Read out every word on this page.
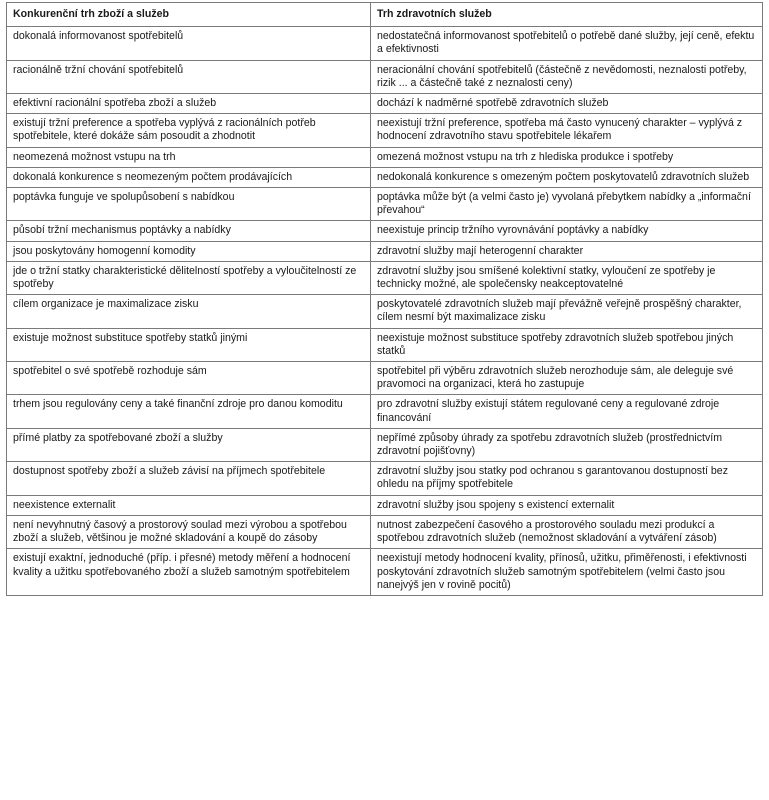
Konkurenční trh zboží a služeb	Trh zdravotních služeb
dokonalá informovanost spotřebitelů	nedostatečná informovanost spotřebitelů o potřebě dané služby, její ceně, efektu a efektivnosti
racionálně tržní chování spotřebitelů	neracionální chování spotřebitelů (částečně z nevědomosti, neznalosti potřeby, rizik ... a částečně také z neznalosti ceny)
efektivní racionální spotřeba zboží a služeb	dochází k nadměrné spotřebě zdravotních služeb
existují tržní preference a spotřeba vyplývá z racionálních potřeb spotřebitele, které dokáže sám posoudit a zhodnotit	neexistují tržní preference, spotřeba má často vynucený charakter – vyplývá z hodnocení zdravotního stavu spotřebitele lékařem
neomezená možnost vstupu na trh	omezená možnost vstupu na trh z hlediska produkce i spotřeby
dokonalá konkurence s neomezeným počtem prodávajících	nedokonalá konkurence s omezeným počtem poskytovatelů zdravotních služeb
poptávka funguje ve spolupůsobení s nabídkou	poptávka může být (a velmi často je) vyvolaná přebytkem nabídky a „informační převahou“
působí tržní mechanismus poptávky a nabídky	neexistuje princip tržního vyrovnávání poptávky a nabídky
jsou poskytovány homogenní komodity	zdravotní služby mají heterogenní charakter
jde o tržní statky charakteristické dělitelností spotřeby a vyloučitelností ze spotřeby	zdravotní služby jsou smíšené kolektivní statky, vyloučení ze spotřeby je technicky možné, ale společensky neakceptovatelné
cílem organizace je maximalizace zisku	poskytovatelé zdravotních služeb mají převážně veřejně prospěšný charakter, cílem nesmí být maximalizace zisku
existuje možnost substituce spotřeby statků jinými	neexistuje možnost substituce spotřeby zdravotních služeb spotřebou jiných statků
spotřebitel o své spotřebě rozhoduje sám	spotřebitel při výběru zdravotních služeb nerozhoduje sám, ale deleguje své pravomoci na organizaci, která ho zastupuje
trhem jsou regulovány ceny a také finanční zdroje pro danou komoditu	pro zdravotní služby existují státem regulované ceny a regulované zdroje financování
přímé platby za spotřebované zboží a služby	nepřímé způsoby úhrady za spotřebu zdravotních služeb (prostřednictvím zdravotní pojišťovny)
dostupnost spotřeby zboží a služeb závisí na příjmech spotřebitele	zdravotní služby jsou statky pod ochranou s garantovanou dostupností bez ohledu na příjmy spotřebitele
neexistence externalit	zdravotní služby jsou spojeny s existencí externalit
není nevyhnutný časový a prostorový soulad mezi výrobou a spotřebou zboží a služeb, většinou je možné skladování a koupě do zásoby	nutnost zabezpečení časového a prostorového souladu mezi produkcí a spotřebou zdravotních služeb (nemožnost skladování a vytváření zásob)
existují exaktní, jednoduché (příp. i přesné) metody měření a hodnocení kvality a užitku spotřebovaného zboží a služeb samotným spotřebitelem	neexistují metody hodnocení kvality, přínosů, užitku, přiměřenosti, i efektivnosti poskytování zdravotních služeb samotným spotřebitelem (velmi často jsou nanejvýš jen v rovině pocitů)
